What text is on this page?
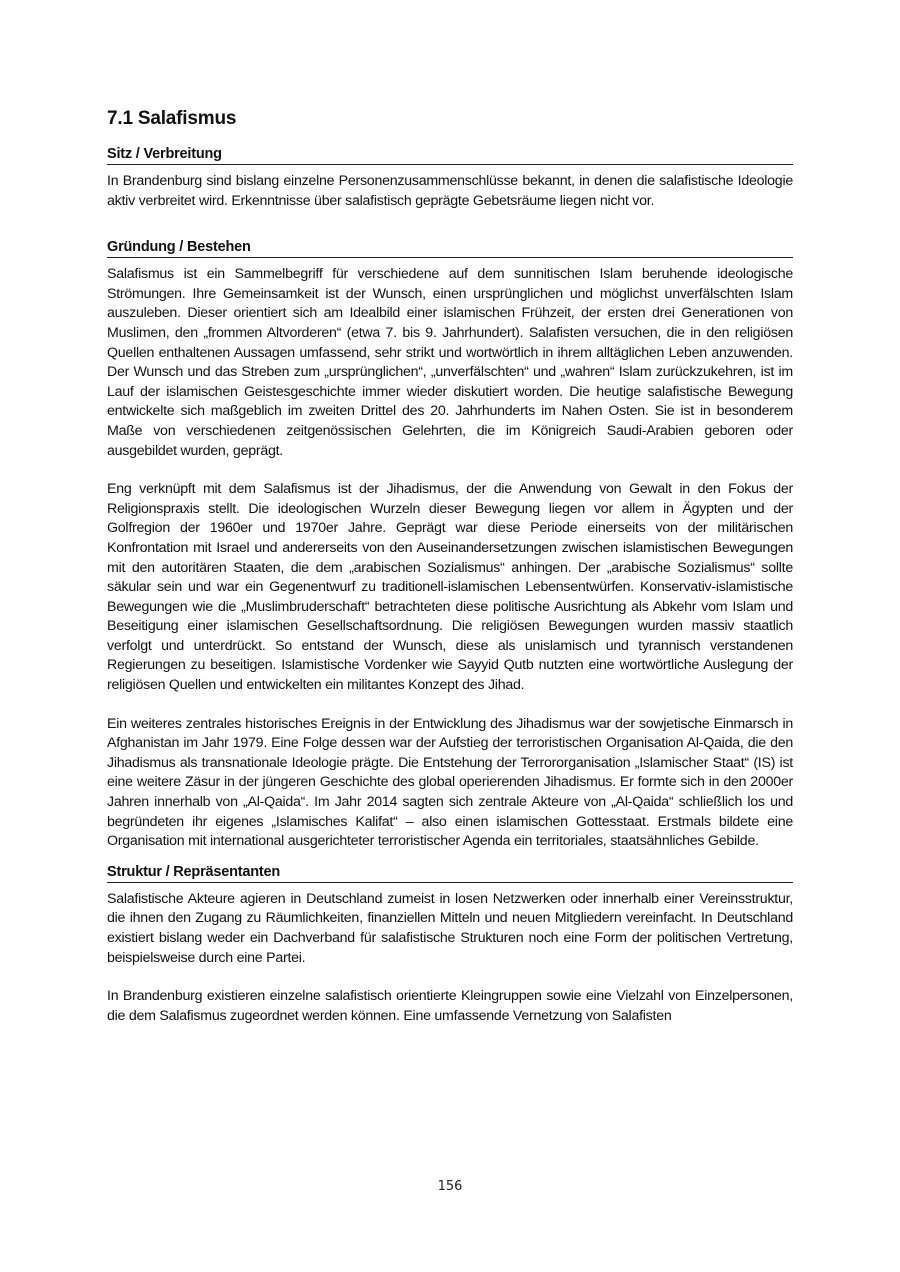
7.1 Salafismus
Sitz / Verbreitung

In Brandenburg sind bislang einzelne Personenzusammenschlüsse bekannt, in denen die salafistische Ideologie aktiv verbreitet wird. Erkenntnisse über salafistisch geprägte Gebetsräume liegen nicht vor.

Gründung / Bestehen

Salafismus ist ein Sammelbegriff für verschiedene auf dem sunnitischen Islam beruhende ideologische Strömungen. Ihre Gemeinsamkeit ist der Wunsch, einen ursprünglichen und möglichst unverfälschten Islam auszuleben. Dieser orientiert sich am Idealbild einer islamischen Frühzeit, der ersten drei Generationen von Muslimen, den „frommen Altvorderen“ (etwa 7. bis 9. Jahrhundert). Salafisten versuchen, die in den religiösen Quellen enthaltenen Aussagen umfassend, sehr strikt und wortwörtlich in ihrem alltäglichen Leben anzuwenden. Der Wunsch und das Streben zum „ursprünglichen“, „unverfälschten“ und „wahren“ Islam zurückzukehren, ist im Lauf der islamischen Geistesgeschichte immer wieder diskutiert worden. Die heutige salafistische Bewegung entwickelte sich maßgeblich im zweiten Drittel des 20. Jahrhunderts im Nahen Osten. Sie ist in besonderem Maße von verschiedenen zeitgenössischen Gelehrten, die im Königreich Saudi-Arabien geboren oder ausgebildet wurden, geprägt.

Eng verknüpft mit dem Salafismus ist der Jihadismus, der die Anwendung von Gewalt in den Fokus der Religionspraxis stellt. Die ideologischen Wurzeln dieser Bewegung liegen vor allem in Ägypten und der Golfregion der 1960er und 1970er Jahre. Geprägt war diese Periode einerseits von der militärischen Konfrontation mit Israel und andererseits von den Auseinandersetzungen zwischen islamistischen Bewegungen mit den autoritären Staaten, die dem „arabischen Sozialismus“ anhingen. Der „arabische Sozialismus“ sollte säkular sein und war ein Gegenentwurf zu traditionell-islamischen Lebensentwürfen. Konservativ-islamistische Bewegungen wie die „Muslimbruderschaft“ betrachteten diese politische Ausrichtung als Abkehr vom Islam und Beseitigung einer islamischen Gesellschaftsordnung. Die religiösen Bewegungen wurden massiv staatlich verfolgt und unterdrückt. So entstand der Wunsch, diese als unislamisch und tyrannisch verstandenen Regierungen zu beseitigen. Islamistische Vordenker wie Sayyid Qutb nutzten eine wortwörtliche Auslegung der religiösen Quellen und entwickelten ein militantes Konzept des Jihad.

Ein weiteres zentrales historisches Ereignis in der Entwicklung des Jihadismus war der sowjetische Einmarsch in Afghanistan im Jahr 1979. Eine Folge dessen war der Aufstieg der terroristischen Organisation Al-Qaida, die den Jihadismus als transnationale Ideologie prägte. Die Entstehung der Terrororganisation „Islamischer Staat“ (IS) ist eine weitere Zäsur in der jüngeren Geschichte des global operierenden Jihadismus. Er formte sich in den 2000er Jahren innerhalb von „Al-Qaida“. Im Jahr 2014 sagten sich zentrale Akteure von „Al-Qaida“ schließlich los und begründeten ihr eigenes „Islamisches Kalifat“ – also einen islamischen Gottesstaat. Erstmals bildete eine Organisation mit international ausgerichteter terroristischer Agenda ein territoriales, staatsähnliches Gebilde.

Struktur / Repräsentanten

Salafistische Akteure agieren in Deutschland zumeist in losen Netzwerken oder innerhalb einer Vereinsstruktur, die ihnen den Zugang zu Räumlichkeiten, finanziellen Mitteln und neuen Mitgliedern vereinfacht. In Deutschland existiert bislang weder ein Dachverband für salafistische Strukturen noch eine Form der politischen Vertretung, beispielsweise durch eine Partei.

In Brandenburg existieren einzelne salafistisch orientierte Kleingruppen sowie eine Vielzahl von Einzelpersonen, die dem Salafismus zugeordnet werden können. Eine umfassende Vernetzung von Salafisten

156
